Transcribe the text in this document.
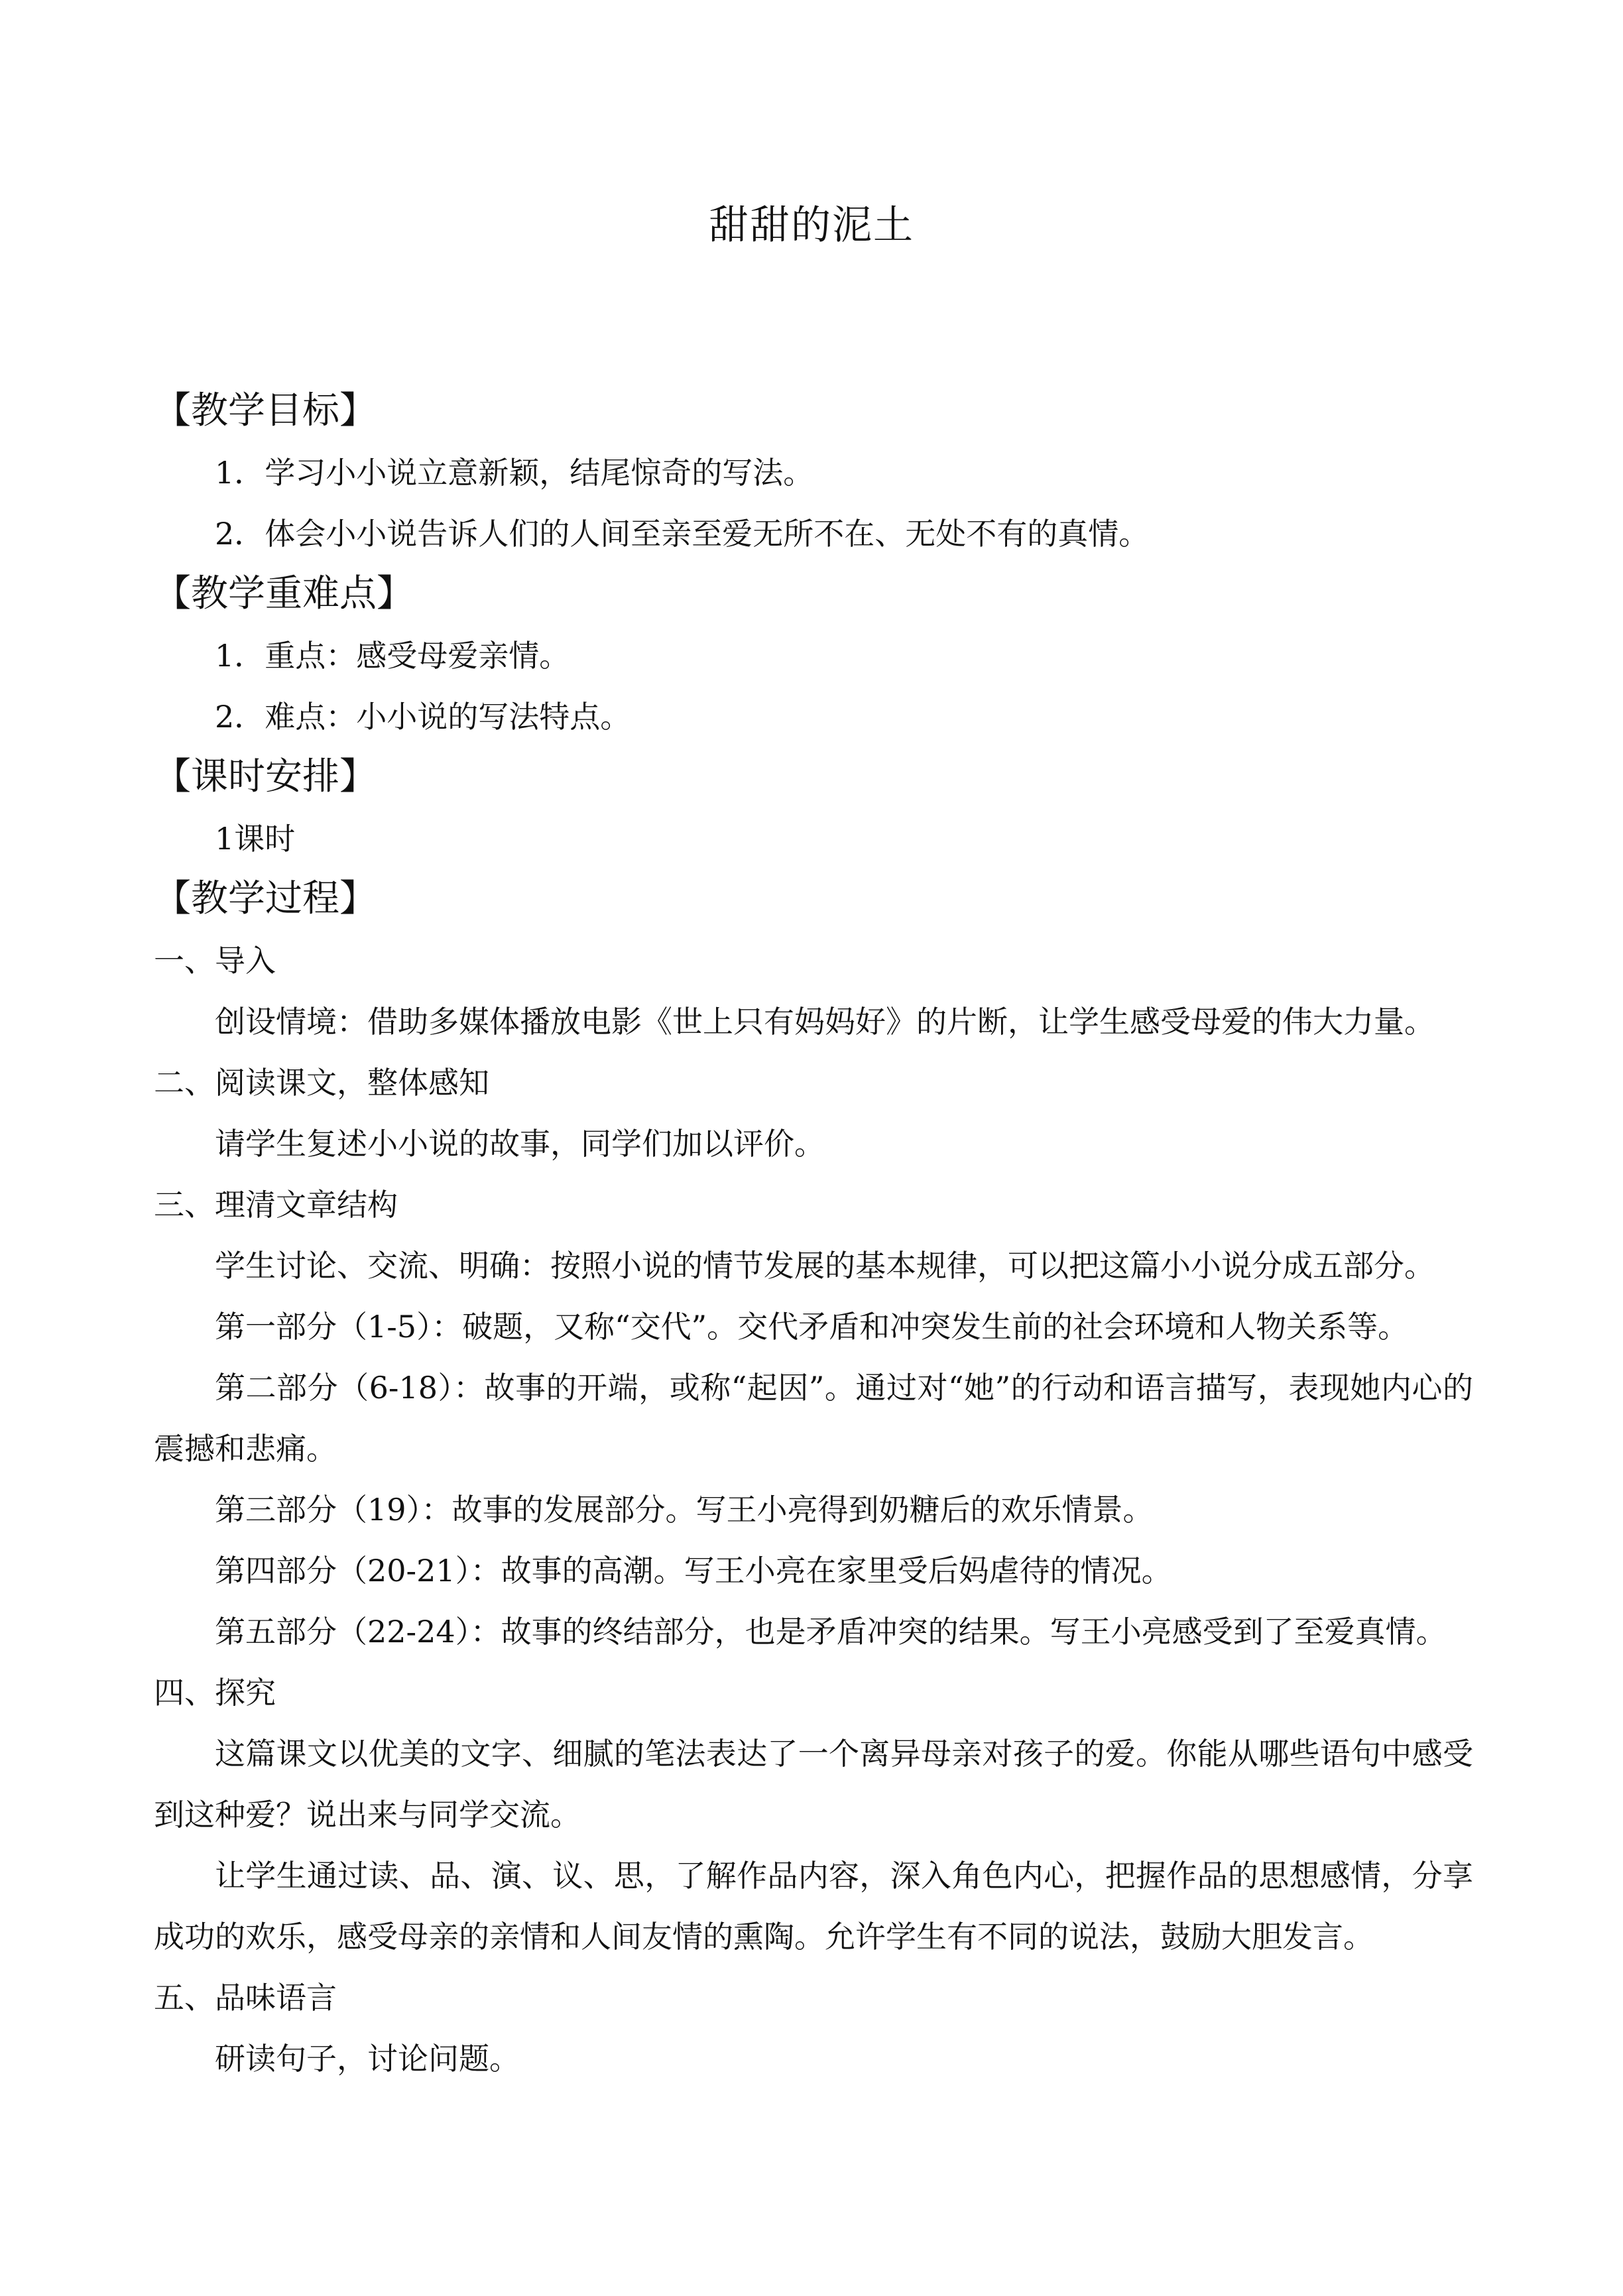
甜甜的泥土
【教学目标】
1．学习小小说立意新颖，结尾惊奇的写法。
2．体会小小说告诉人们的人间至亲至爱无所不在、无处不有的真情。
【教学重难点】
1．重点：感受母爱亲情。
2．难点：小小说的写法特点。
【课时安排】
1课时
【教学过程】
一、导入
创设情境：借助多媒体播放电影《世上只有妈妈好》的片断，让学生感受母爱的伟大力量。
二、阅读课文，整体感知
请学生复述小小说的故事，同学们加以评价。
三、理清文章结构
学生讨论、交流、明确：按照小说的情节发展的基本规律，可以把这篇小小说分成五部分。
第一部分（1-5）：破题，又称“交代”。交代矛盾和冲突发生前的社会环境和人物关系等。
第二部分（6-18）：故事的开端，或称“起因”。通过对“她”的行动和语言描写，表现她内心的震撼和悲痛。
第三部分（19）：故事的发展部分。写王小亮得到奶糖后的欢乐情景。
第四部分（20-21）：故事的高潮。写王小亮在家里受后妈虐待的情况。
第五部分（22-24）：故事的终结部分，也是矛盾冲突的结果。写王小亮感受到了至爱真情。
四、探究
这篇课文以优美的文字、细腻的笔法表达了一个离异母亲对孩子的爱。你能从哪些语句中感受到这种爱？说出来与同学交流。
让学生通过读、品、演、议、思，了解作品内容，深入角色内心，把握作品的思想感情，分享成功的欢乐，感受母亲的亲情和人间友情的熏陶。允许学生有不同的说法，鼓励大胆发言。
五、品味语言
研读句子，讨论问题。
